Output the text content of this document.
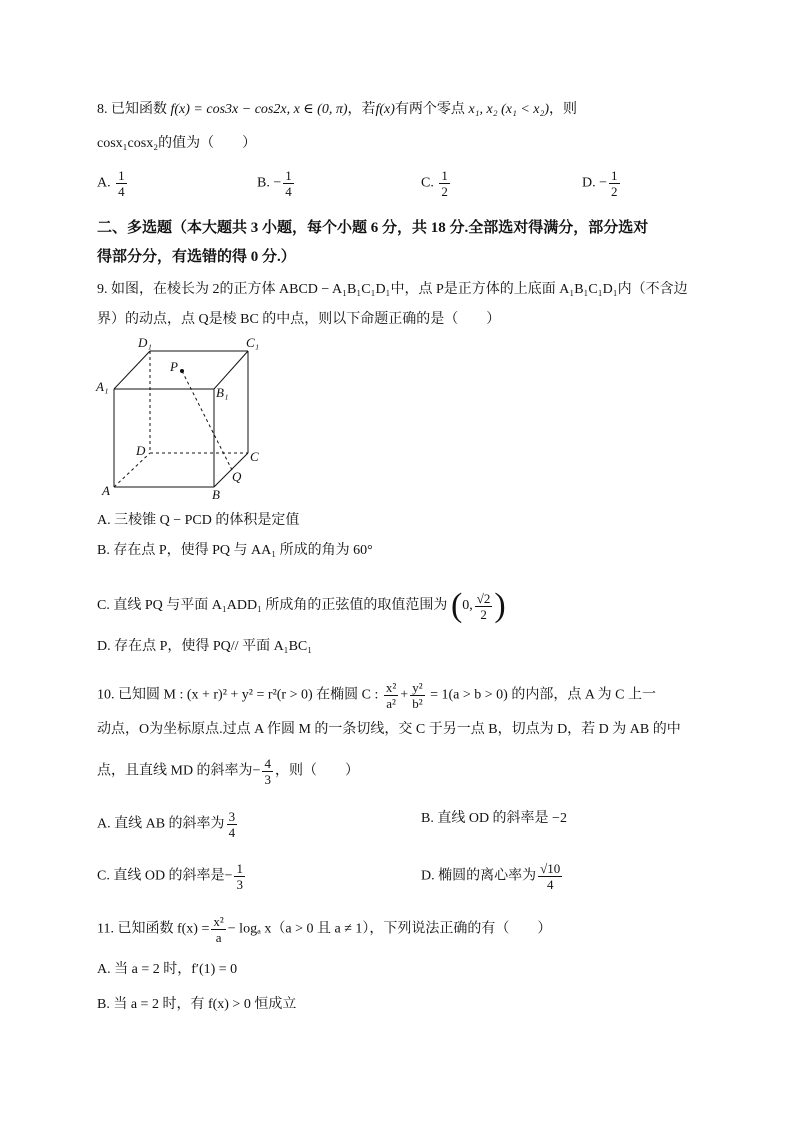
8. 已知函数 f(x) = cos3x − cos2x, x ∈ (0, π)，若f(x)有两个零点 x₁, x₂ (x₁ < x₂)，则
cosx₁cosx₂的值为（　　）
A. $\frac{1}{4}$	B. − $\frac{1}{4}$	C. $\frac{1}{2}$	D. − $\frac{1}{2}$
二、多选题（本大题共 3 小题，每个小题 6 分，共 18 分.全部选对得满分，部分选对
得部分分，有选错的得 0 分.）
9. 如图，在棱长为 2的正方体 ABCD − A₁B₁C₁D₁中，点 P是正方体的上底面 A₁B₁C₁D₁内（不含边
界）的动点，点 Q是棱 BC 的中点，则以下命题正确的是（　　）
D₁	C₁
A₁	B₁
P
D	C
A	B
Q
A. 三棱锥 Q − PCD 的体积是定值
B. 存在点 P，使得 PQ 与 AA₁ 所成的角为 60°
C. 直线 PQ 与平面 A₁ADD₁ 所成角的正弦值的取值范围为 (0, $\frac{√2}{2}$ )
D. 存在点 P，使得 PQ// 平面 A₁BC₁
10. 已知圆 M : (x + r)² + y² = r²(r > 0) 在椭圆 C : $\frac{\text{x²}}{\text{a²}} + \frac{\text{y²}}{\text{b²}} = 1(a > b > 0)$ 的内部，点 A 为 C 上一
动点，O为坐标原点.过点 A 作圆 M 的一条切线，交 C 于另一点 B，切点为 D，若 D 为 AB 的中
点，且直线 MD 的斜率为− $\frac{4}{3}$ ，则（　　）
A. 直线 AB 的斜率为 $\frac{3}{4}$	B. 直线 OD 的斜率是 −2
C. 直线 OD 的斜率是− $\frac{1}{3}$	D. 椭圆的离心率为 $\frac{√10}{4}$
11. 已知函数 $f(x) = \frac{\text{x²}}{a} - \log_a$ x（a > 0 且 a ≠ 1），下列说法正确的有（　　）
A. 当 a = 2 时，f′(1) = 0
B. 当 a = 2 时，有 f(x) > 0 恒成立
